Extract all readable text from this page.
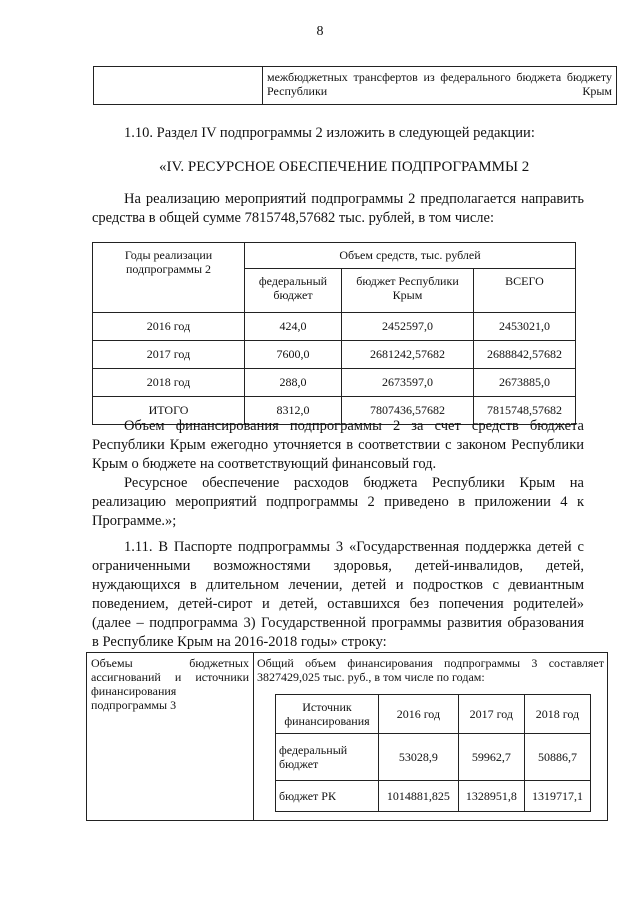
8

межбюджетных трансфертов из федерального бюджета бюджету Республики Крым
1.10. Раздел IV подпрограммы 2 изложить в следующей редакции:
«IV. РЕСУРСНОЕ ОБЕСПЕЧЕНИЕ ПОДПРОГРАММЫ 2
На реализацию мероприятий подпрограммы 2 предполагается направить
средства в общей сумме 7815748,57682 тыс. рублей, в том числе:
Годы реализации подпрограммы 2	Объем средств, тыс. рублей		
	федеральный бюджет	бюджет Республики Крым	ВСЕГО
2016 год	424,0	2452597,0	2453021,0
2017 год	7600,0	2681242,57682	2688842,57682
2018 год	288,0	2673597,0	2673885,0
ИТОГО	8312,0	7807436,57682	7815748,57682
Объем финансирования подпрограммы 2 за счет средств бюджета
Республики Крым ежегодно уточняется в соответствии с законом Республики
Крым о бюджете на соответствующий финансовый год.
Ресурсное обеспечение расходов бюджета Республики Крым на
реализацию мероприятий подпрограммы 2 приведено в приложении 4 к
Программе.»;
1.11. В Паспорте подпрограммы 3 «Государственная поддержка детей с
ограниченными возможностями здоровья, детей-инвалидов, детей,
нуждающихся в длительном лечении, детей и подростков с девиантным
поведением, детей-сирот и детей, оставшихся без попечения родителей»
(далее – подпрограмма 3) Государственной программы развития образования
в Республике Крым на 2016-2018 годы» строку:
Объемы бюджетных ассигнований и источники финансирования подпрограммы 3

Общий объем финансирования подпрограммы 3 составляет 3827429,025 тыс. руб., в том числе по годам:
Источник финансирования	2016 год	2017 год	2018 год
федеральный бюджет	53028,9	59962,7	50886,7
бюджет РК	1014881,825	1328951,8	1319717,1
